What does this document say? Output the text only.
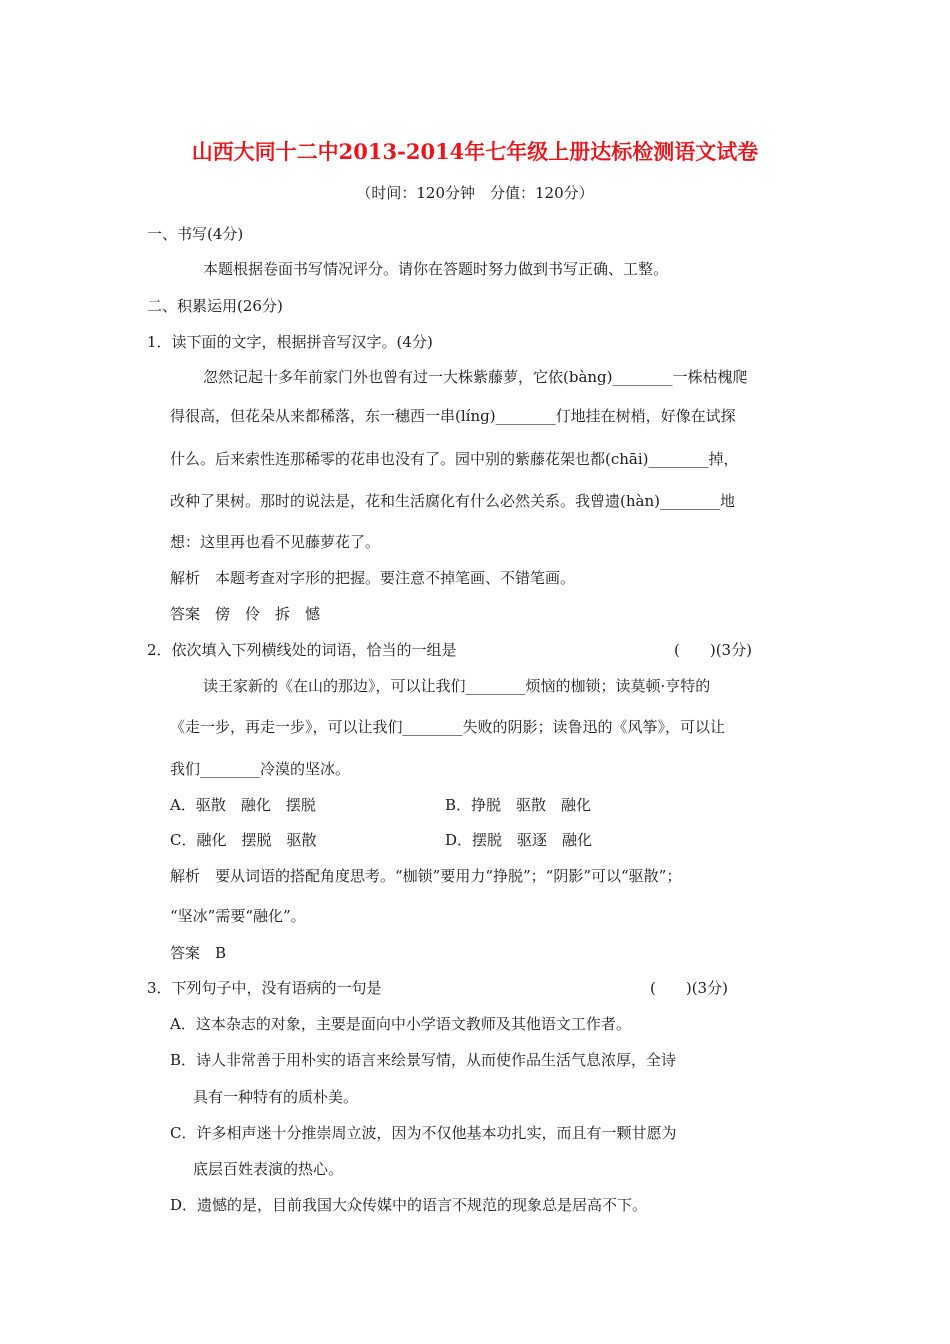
山西大同十二中2013-2014年七年级上册达标检测语文试卷
（时间：120分钟　分值：120分）
一、书写(4分)
本题根据卷面书写情况评分。请你在答题时努力做到书写正确、工整。
二、积累运用(26分)
1．读下面的文字，根据拼音写汉字。(4分)
忽然记起十多年前家门外也曾有过一大株紫藤萝，它依(bàng)________一株枯槐爬
得很高，但花朵从来都稀落，东一穗西一串(línɡ)________仃地挂在树梢，好像在试探
什么。后来索性连那稀零的花串也没有了。园中别的紫藤花架也都(chāi)________掉，
改种了果树。那时的说法是，花和生活腐化有什么必然关系。我曾遗(hàn)________地
想：这里再也看不见藤萝花了。
解析　本题考查对字形的把握。要注意不掉笔画、不错笔画。
答案　傍　伶　拆　憾
2．依次填入下列横线处的词语，恰当的一组是	(　　)(3分)
读王家新的《在山的那边》，可以让我们________烦恼的枷锁；读莫顿·亨特的
《走一步，再走一步》，可以让我们________失败的阴影；读鲁迅的《风筝》，可以让
我们________冷漠的坚冰。
A．驱散　融化　摆脱	B．挣脱　驱散　融化
C．融化　摆脱　驱散	D．摆脱　驱逐　融化
解析　要从词语的搭配角度思考。“枷锁”要用力“挣脱”；“阴影”可以“驱散”；
“坚冰”需要“融化”。
答案　B
3．下列句子中，没有语病的一句是	(　　)(3分)
A．这本杂志的对象，主要是面向中小学语文教师及其他语文工作者。
B．诗人非常善于用朴实的语言来绘景写情，从而使作品生活气息浓厚，全诗
具有一种特有的质朴美。
C．许多相声迷十分推崇周立波，因为不仅他基本功扎实，而且有一颗甘愿为
底层百姓表演的热心。
D．遗憾的是，目前我国大众传媒中的语言不规范的现象总是居高不下。
